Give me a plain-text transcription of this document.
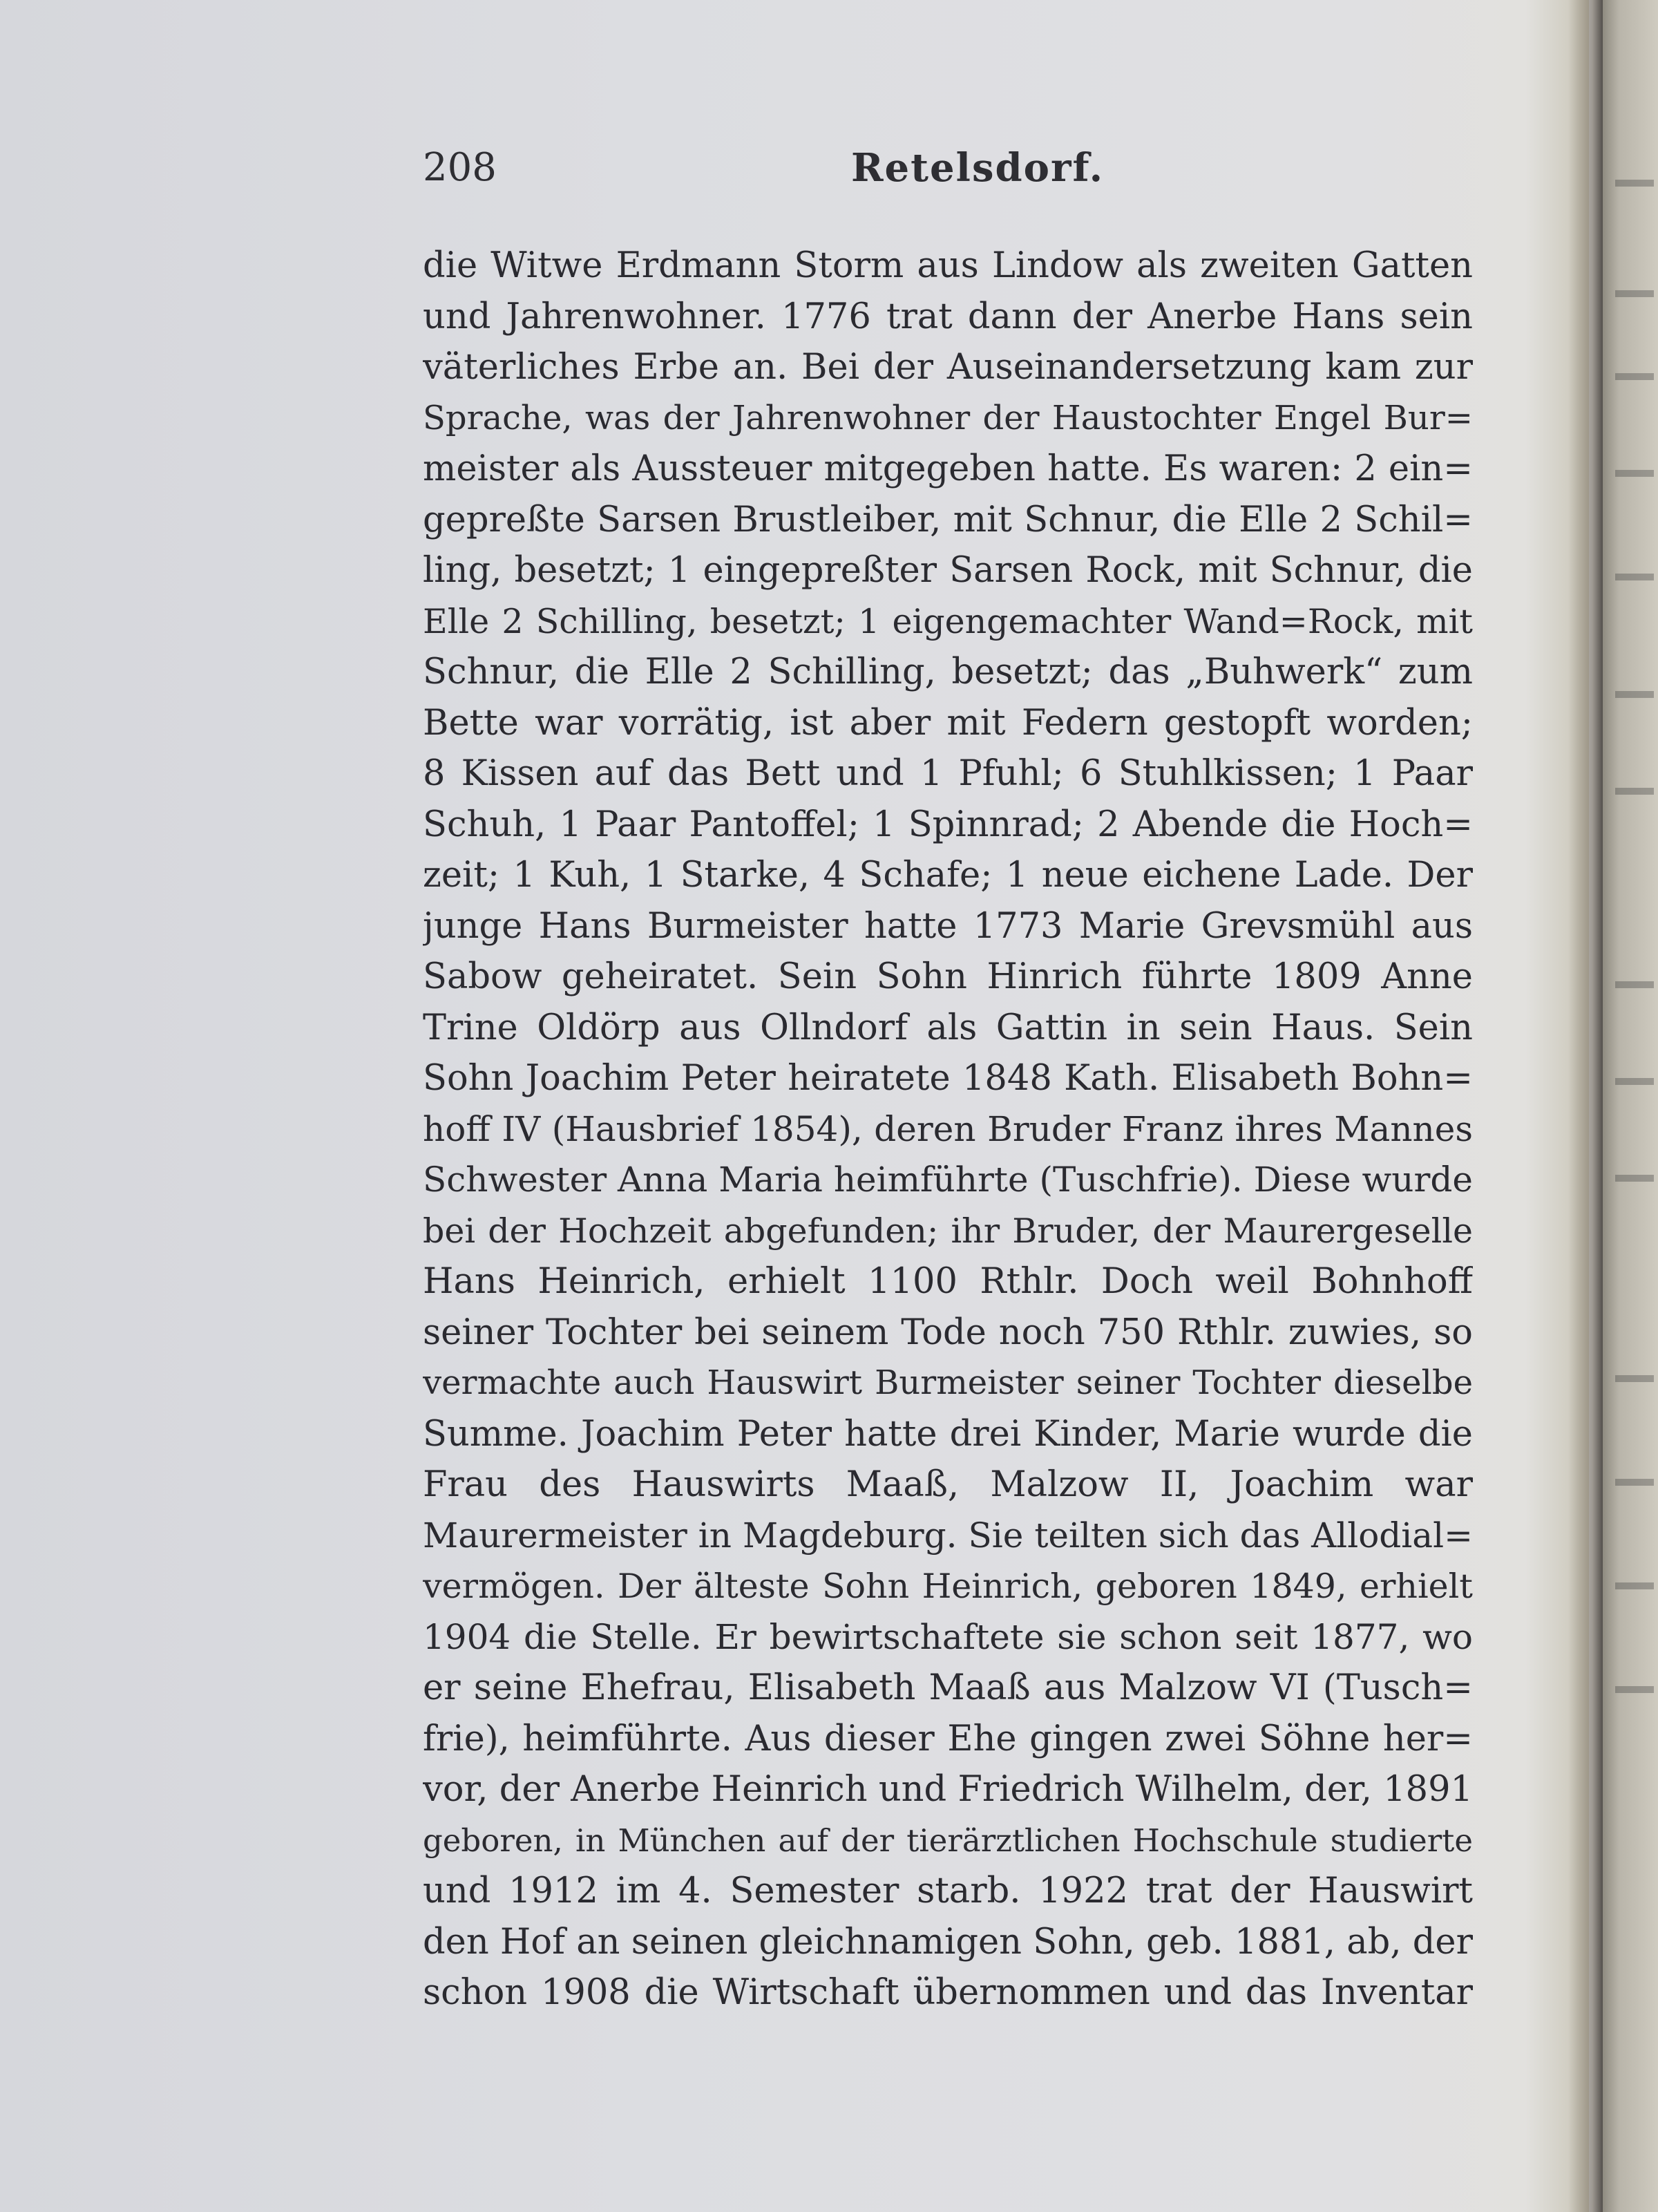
208	Retelsdorf.
die Witwe Erdmann Storm aus Lindow als zweiten Gatten
und Jahrenwohner. 1776 trat dann der Anerbe Hans sein
väterliches Erbe an. Bei der Auseinandersetzung kam zur
Sprache, was der Jahrenwohner der Haustochter Engel Bur=
meister als Aussteuer mitgegeben hatte. Es waren: 2 ein=
gepreßte Sarsen Brustleiber, mit Schnur, die Elle 2 Schil=
ling, besetzt; 1 eingepreßter Sarsen Rock, mit Schnur, die
Elle 2 Schilling, besetzt; 1 eigengemachter Wand=Rock, mit
Schnur, die Elle 2 Schilling, besetzt; das „Buhwerk“ zum
Bette war vorrätig, ist aber mit Federn gestopft worden;
8 Kissen auf das Bett und 1 Pfuhl; 6 Stuhlkissen; 1 Paar
Schuh, 1 Paar Pantoffel; 1 Spinnrad; 2 Abende die Hoch=
zeit; 1 Kuh, 1 Starke, 4 Schafe; 1 neue eichene Lade. Der
junge Hans Burmeister hatte 1773 Marie Grevsmühl aus
Sabow geheiratet. Sein Sohn Hinrich führte 1809 Anne
Trine Oldörp aus Ollndorf als Gattin in sein Haus. Sein
Sohn Joachim Peter heiratete 1848 Kath. Elisabeth Bohn=
hoff IV (Hausbrief 1854), deren Bruder Franz ihres Mannes
Schwester Anna Maria heimführte (Tuschfrie). Diese wurde
bei der Hochzeit abgefunden; ihr Bruder, der Maurergeselle
Hans Heinrich, erhielt 1100 Rthlr. Doch weil Bohnhoff
seiner Tochter bei seinem Tode noch 750 Rthlr. zuwies, so
vermachte auch Hauswirt Burmeister seiner Tochter dieselbe
Summe. Joachim Peter hatte drei Kinder, Marie wurde die
Frau des Hauswirts Maaß, Malzow II, Joachim war
Maurermeister in Magdeburg. Sie teilten sich das Allodial=
vermögen. Der älteste Sohn Heinrich, geboren 1849, erhielt
1904 die Stelle. Er bewirtschaftete sie schon seit 1877, wo
er seine Ehefrau, Elisabeth Maaß aus Malzow VI (Tusch=
frie), heimführte. Aus dieser Ehe gingen zwei Söhne her=
vor, der Anerbe Heinrich und Friedrich Wilhelm, der, 1891
geboren, in München auf der tierärztlichen Hochschule studierte
und 1912 im 4. Semester starb. 1922 trat der Hauswirt
den Hof an seinen gleichnamigen Sohn, geb. 1881, ab, der
schon 1908 die Wirtschaft übernommen und das Inventar
